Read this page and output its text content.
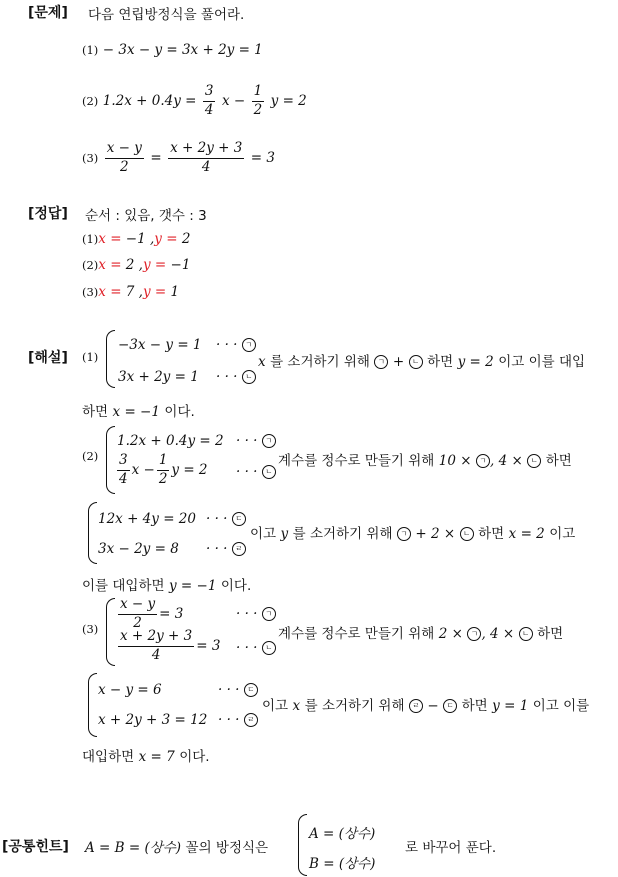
[문제] 다음 연립방정식을 풀어라.
(1) − 3x − y = 3x + 2y = 1
(2) $1.2x + 0.4y = \frac{3}{4}$ $x - \frac{1}{2}$ y = 2
$(3) \frac{x - y}{2} = \frac{x + 2y + 3}{4} = 3$
[정답] 순서 : 있음, 갯수 : 3
(1)x = −1 ,y = 2
(2)x = 2 ,y = −1
(3)x = 7 ,y = 1
[해설] (1)
−3x − y = 1 · · · ㄱ
3x + 2y = 1 · · · ㄴ
x 를 소거하기 위해 ㄱ + ㄴ 하면 y = 2 이고 이를 대입
하면 x = −1 이다.
(2)
1.2x + 0.4y = 2 · · · ㄱ
$\frac{3}{4}$ $x - \frac{1}{2}$ y = 2 · · · ㄴ
계수를 정수로 만들기 위해 10 × ㄱ , 4 × ㄴ 하면
12x + 4y = 20 · · · ㄷ
3x − 2y = 8 · · · ㄹ
이고 y 를 소거하기 위해 ㄱ + 2 × ㄴ 하면 x = 2 이고
이를 대입하면 y = −1 이다.
$(3) \frac{x - y}{2} = 3$	· · · ㄱ
$\frac{x + 2y + 3}{4} = 3$ · · · ㄴ
계수를 정수로 만들기 위해 2 × ㄱ , 4 × ㄴ 하면
x − y = 6	· · · ㄷ
x + 2y + 3 = 12 · · · ㄹ
이고 x 를 소거하기 위해 ㄹ − ㄷ 하면 y = 1 이고 이를
대입하면 x = 7 이다.
[공통힌트] A = B = (상수) 꼴의 방정식은
A = (상수)
B = (상수)
로 바꾸어 푼다.
